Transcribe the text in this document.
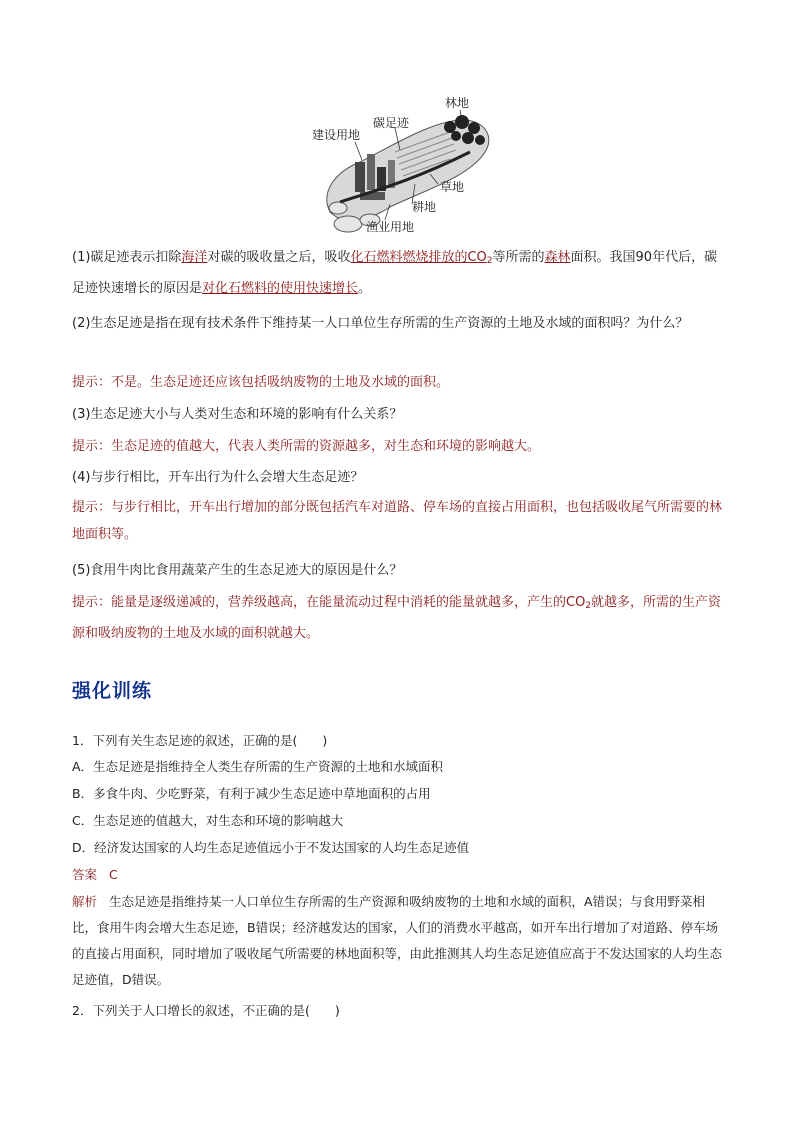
林地
碳足迹
建设用地
草地
耕地
渔业用地

(1)碳足迹表示扣除海洋对碳的吸收量之后，吸收化石燃料燃烧排放的$CO_2$等所需的森林面积。我国90年代后，碳足迹快速增长的原因是对化石燃料的使用快速增长。

(2)生态足迹是指在现有技术条件下维持某一人口单位生存所需的生产资源的土地及水域的面积吗？为什么？

提示：不是。生态足迹还应该包括吸纳废物的土地及水域的面积。

(3)生态足迹大小与人类对生态和环境的影响有什么关系？

提示：生态足迹的值越大，代表人类所需的资源越多，对生态和环境的影响越大。

(4)与步行相比，开车出行为什么会增大生态足迹？

提示：与步行相比，开车出行增加的部分既包括汽车对道路、停车场的直接占用面积，也包括吸收尾气所需要的林地面积等。

(5)食用牛肉比食用蔬菜产生的生态足迹大的原因是什么？

提示：能量是逐级递减的，营养级越高，在能量流动过程中消耗的能量就越多，产生的$CO_2$就越多，所需的生产资源和吸纳废物的土地及水域的面积就越大。

强化训练

1．下列有关生态足迹的叙述，正确的是(　　)

A．生态足迹是指维持全人类生存所需的生产资源的土地和水域面积

B．多食牛肉、少吃野菜，有利于减少生态足迹中草地面积的占用

C．生态足迹的值越大，对生态和环境的影响越大

D．经济发达国家的人均生态足迹值远小于不发达国家的人均生态足迹值

答案 C

解析 生态足迹是指维持某一人口单位生存所需的生产资源和吸纳废物的土地和水域的面积，A错误；与食用野菜相比，食用牛肉会增大生态足迹，B错误；经济越发达的国家，人们的消费水平越高，如开车出行增加了对道路、停车场的直接占用面积，同时增加了吸收尾气所需要的林地面积等，由此推测其人均生态足迹值应高于不发达国家的人均生态足迹值，D错误。

2．下列关于人口增长的叙述，不正确的是(　　)
